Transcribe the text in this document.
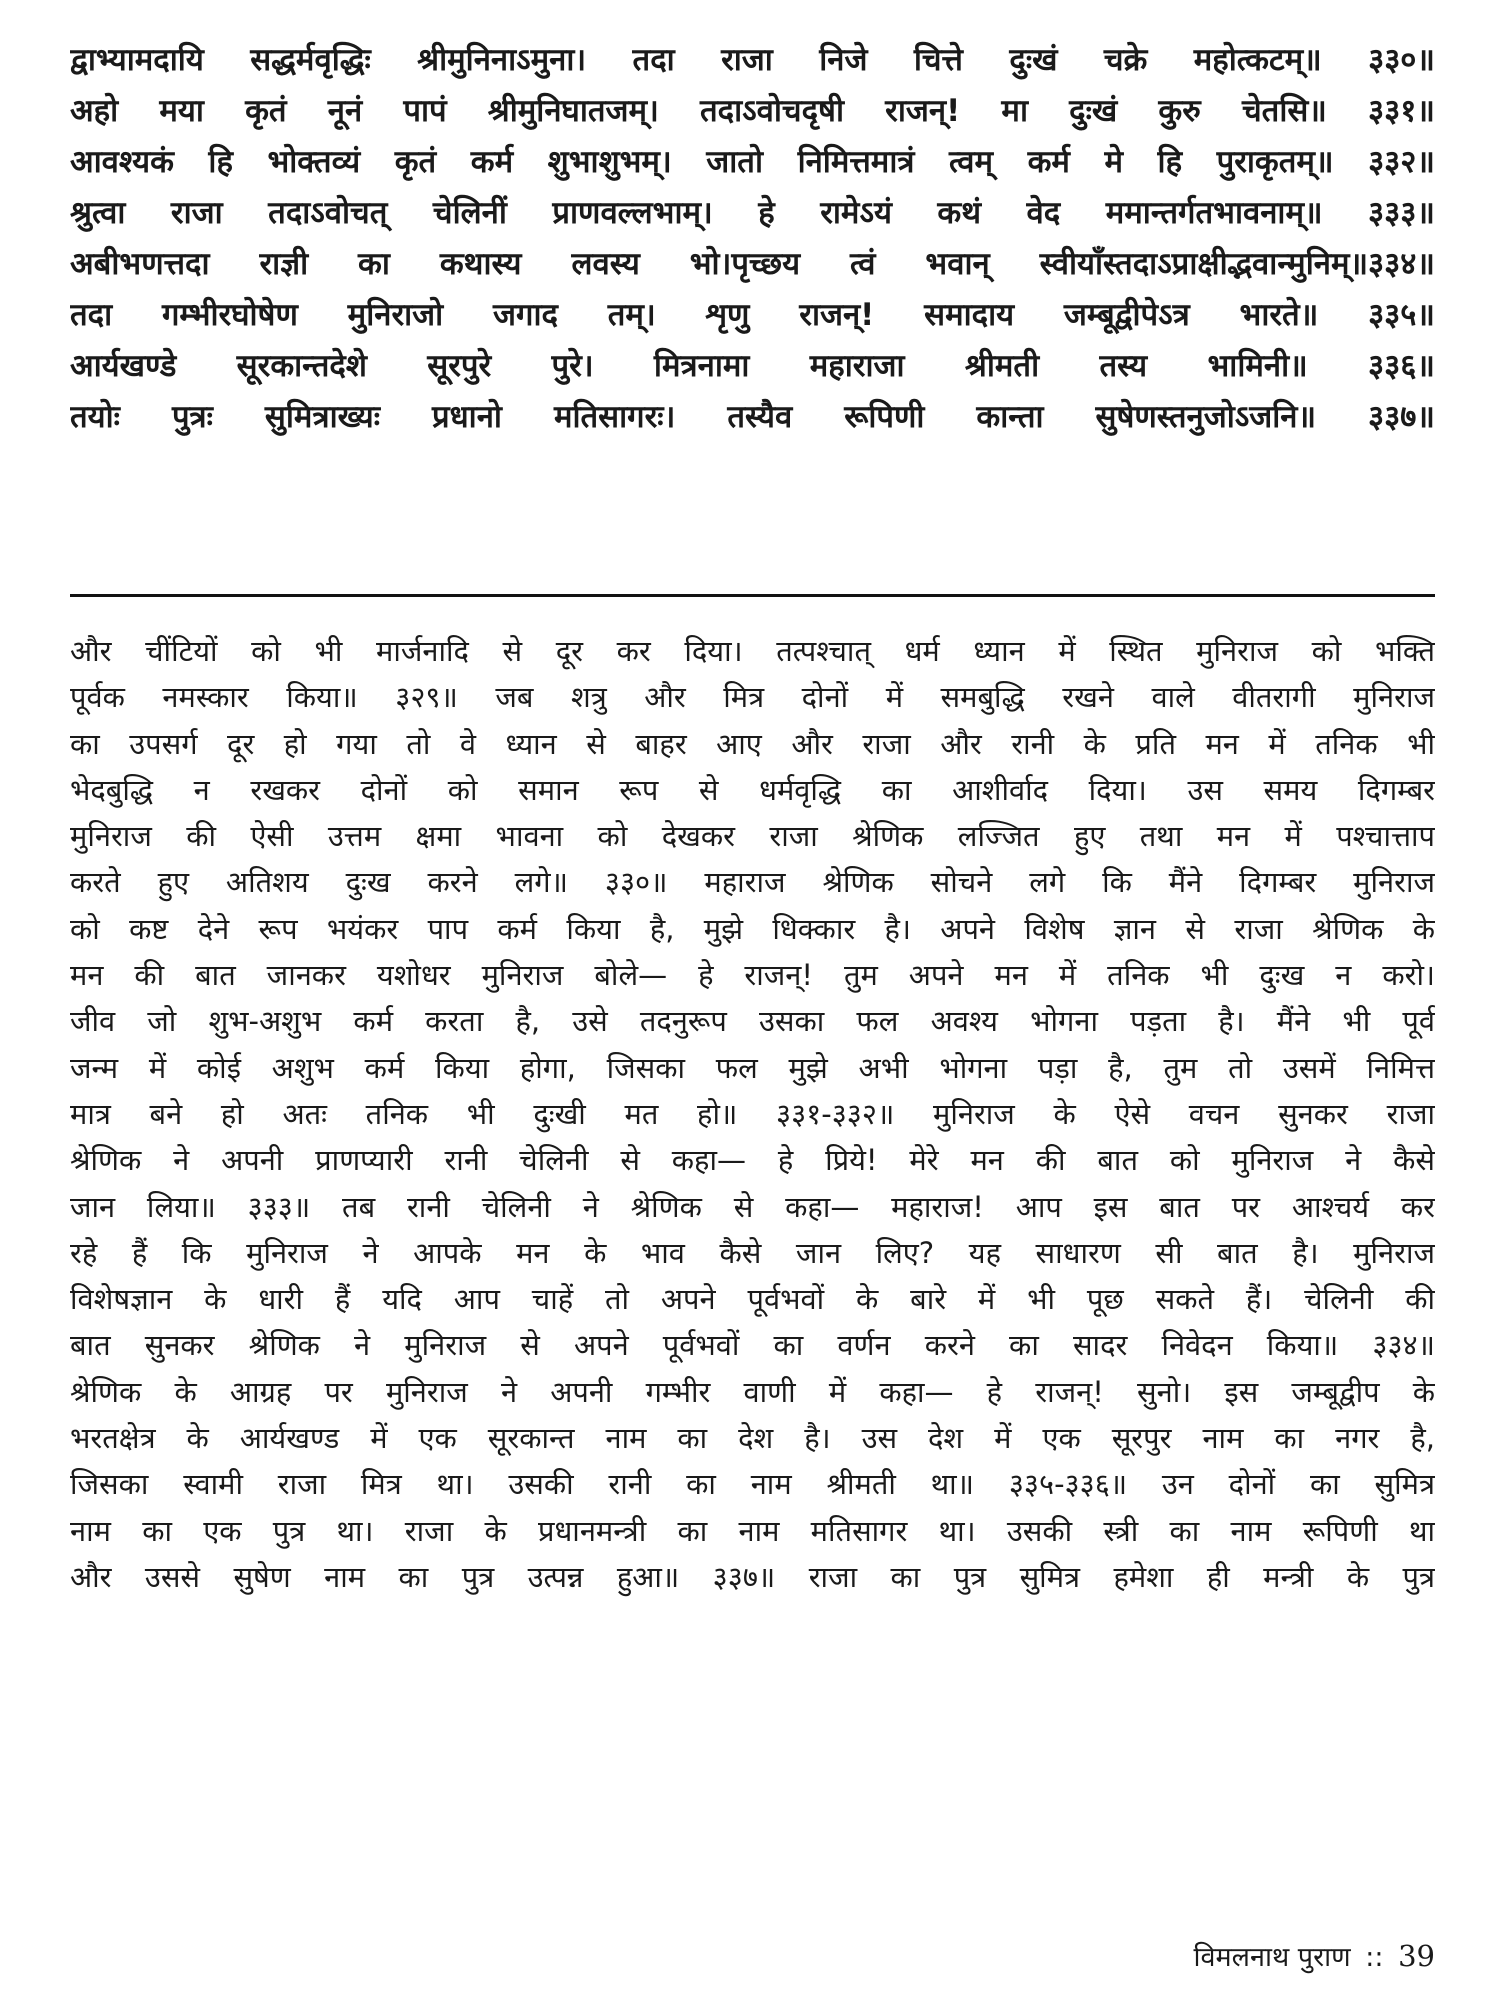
द्वाभ्यामदायि सद्धर्मवृद्धिः श्रीमुनिनाऽमुना। तदा राजा निजे चित्ते दुःखं चक्रे महोत्कटम्॥ ३३०॥
अहो मया कृतं नूनं पापं श्रीमुनिघातजम्। तदाऽवोचदृषी राजन्! मा दुःखं कुरु चेतसि॥ ३३१॥
आवश्यकं हि भोक्तव्यं कृतं कर्म शुभाशुभम्। जातो निमित्तमात्रं त्वम् कर्म मे हि पुराकृतम्॥ ३३२॥
श्रुत्वा राजा तदाऽवोचत् चेलिनीं प्राणवल्लभाम्। हे रामेऽयं कथं वेद ममान्तर्गतभावनाम्॥ ३३३॥
अबीभणत्तदा राज्ञी का कथास्य लवस्य भो।पृच्छय त्वं भवान् स्वीयाँस्तदाऽप्राक्षीद्भवान्मुनिम्॥३३४॥
तदा गम्भीरघोषेण मुनिराजो जगाद तम्। शृणु राजन्! समादाय जम्बूद्वीपेऽत्र भारते॥ ३३५॥
आर्यखण्डे सूरकान्तदेशे सूरपुरे पुरे। मित्रनामा महाराजा श्रीमती तस्य भामिनी॥ ३३६॥
तयोः पुत्रः सुमित्राख्यः प्रधानो मतिसागरः। तस्यैव रूपिणी कान्ता सुषेणस्तनुजोऽजनि॥ ३३७॥
और चींटियों को भी मार्जनादि से दूर कर दिया। तत्पश्चात् धर्म ध्यान में स्थित मुनिराज को भक्ति
पूर्वक नमस्कार किया॥ ३२९॥ जब शत्रु और मित्र दोनों में समबुद्धि रखने वाले वीतरागी मुनिराज
का उपसर्ग दूर हो गया तो वे ध्यान से बाहर आए और राजा और रानी के प्रति मन में तनिक भी
भेदबुद्धि न रखकर दोनों को समान रूप से धर्मवृद्धि का आशीर्वाद दिया। उस समय दिगम्बर
मुनिराज की ऐसी उत्तम क्षमा भावना को देखकर राजा श्रेणिक लज्जित हुए तथा मन में पश्चात्ताप
करते हुए अतिशय दुःख करने लगे॥ ३३०॥ महाराज श्रेणिक सोचने लगे कि मैंने दिगम्बर मुनिराज
को कष्ट देने रूप भयंकर पाप कर्म किया है, मुझे धिक्कार है। अपने विशेष ज्ञान से राजा श्रेणिक के
मन की बात जानकर यशोधर मुनिराज बोले— हे राजन्! तुम अपने मन में तनिक भी दुःख न करो।
जीव जो शुभ-अशुभ कर्म करता है, उसे तदनुरूप उसका फल अवश्य भोगना पड़ता है। मैंने भी पूर्व
जन्म में कोई अशुभ कर्म किया होगा, जिसका फल मुझे अभी भोगना पड़ा है, तुम तो उसमें निमित्त
मात्र बने हो अतः तनिक भी दुःखी मत हो॥ ३३१-३३२॥ मुनिराज के ऐसे वचन सुनकर राजा
श्रेणिक ने अपनी प्राणप्यारी रानी चेलिनी से कहा— हे प्रिये! मेरे मन की बात को मुनिराज ने कैसे
जान लिया॥ ३३३॥ तब रानी चेलिनी ने श्रेणिक से कहा— महाराज! आप इस बात पर आश्चर्य कर
रहे हैं कि मुनिराज ने आपके मन के भाव कैसे जान लिए? यह साधारण सी बात है। मुनिराज
विशेषज्ञान के धारी हैं यदि आप चाहें तो अपने पूर्वभवों के बारे में भी पूछ सकते हैं। चेलिनी की
बात सुनकर श्रेणिक ने मुनिराज से अपने पूर्वभवों का वर्णन करने का सादर निवेदन किया॥ ३३४॥
श्रेणिक के आग्रह पर मुनिराज ने अपनी गम्भीर वाणी में कहा— हे राजन्! सुनो। इस जम्बूद्वीप के
भरतक्षेत्र के आर्यखण्ड में एक सूरकान्त नाम का देश है। उस देश में एक सूरपुर नाम का नगर है,
जिसका स्वामी राजा मित्र था। उसकी रानी का नाम श्रीमती था॥ ३३५-३३६॥ उन दोनों का सुमित्र
नाम का एक पुत्र था। राजा के प्रधानमन्त्री का नाम मतिसागर था। उसकी स्त्री का नाम रूपिणी था
और उससे सुषेण नाम का पुत्र उत्पन्न हुआ॥ ३३७॥ राजा का पुत्र सुमित्र हमेशा ही मन्त्री के पुत्र
विमलनाथ पुराण :: 39
